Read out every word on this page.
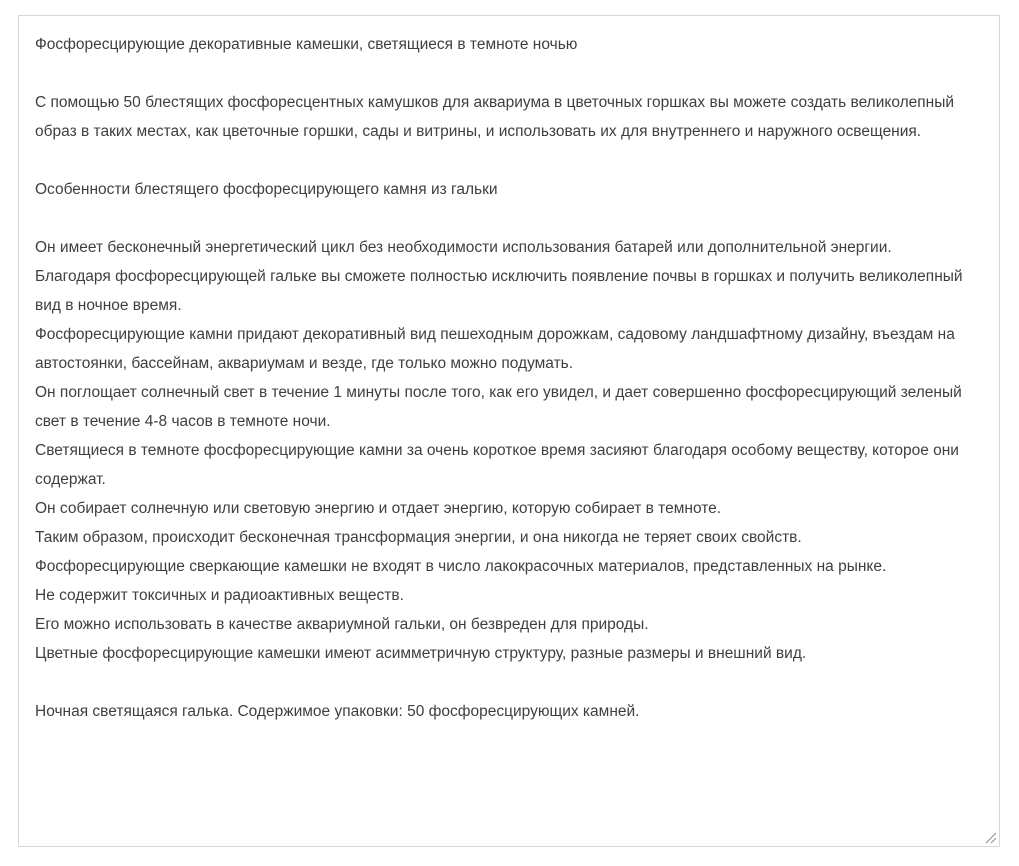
Фосфоресцирующие декоративные камешки, светящиеся в темноте ночью
С помощью 50 блестящих фосфоресцентных камушков для аквариума в цветочных горшках вы можете создать великолепный образ в таких местах, как цветочные горшки, сады и витрины, и использовать их для внутреннего и наружного освещения.
Особенности блестящего фосфоресцирующего камня из гальки
Он имеет бесконечный энергетический цикл без необходимости использования батарей или дополнительной энергии.
Благодаря фосфоресцирующей гальке вы сможете полностью исключить появление почвы в горшках и получить великолепный вид в ночное время.
Фосфоресцирующие камни придают декоративный вид пешеходным дорожкам, садовому ландшафтному дизайну, въездам на автостоянки, бассейнам, аквариумам и везде, где только можно подумать.
Он поглощает солнечный свет в течение 1 минуты после того, как его увидел, и дает совершенно фосфоресцирующий зеленый свет в течение 4-8 часов в темноте ночи.
Светящиеся в темноте фосфоресцирующие камни за очень короткое время засияют благодаря особому веществу, которое они содержат.
Он собирает солнечную или световую энергию и отдает энергию, которую собирает в темноте.
Таким образом, происходит бесконечная трансформация энергии, и она никогда не теряет своих свойств.
Фосфоресцирующие сверкающие камешки не входят в число лакокрасочных материалов, представленных на рынке.
Не содержит токсичных и радиоактивных веществ.
Его можно использовать в качестве аквариумной гальки, он безвреден для природы.
Цветные фосфоресцирующие камешки имеют асимметричную структуру, разные размеры и внешний вид.
Ночная светящаяся галька. Содержимое упаковки: 50 фосфоресцирующих камней.
